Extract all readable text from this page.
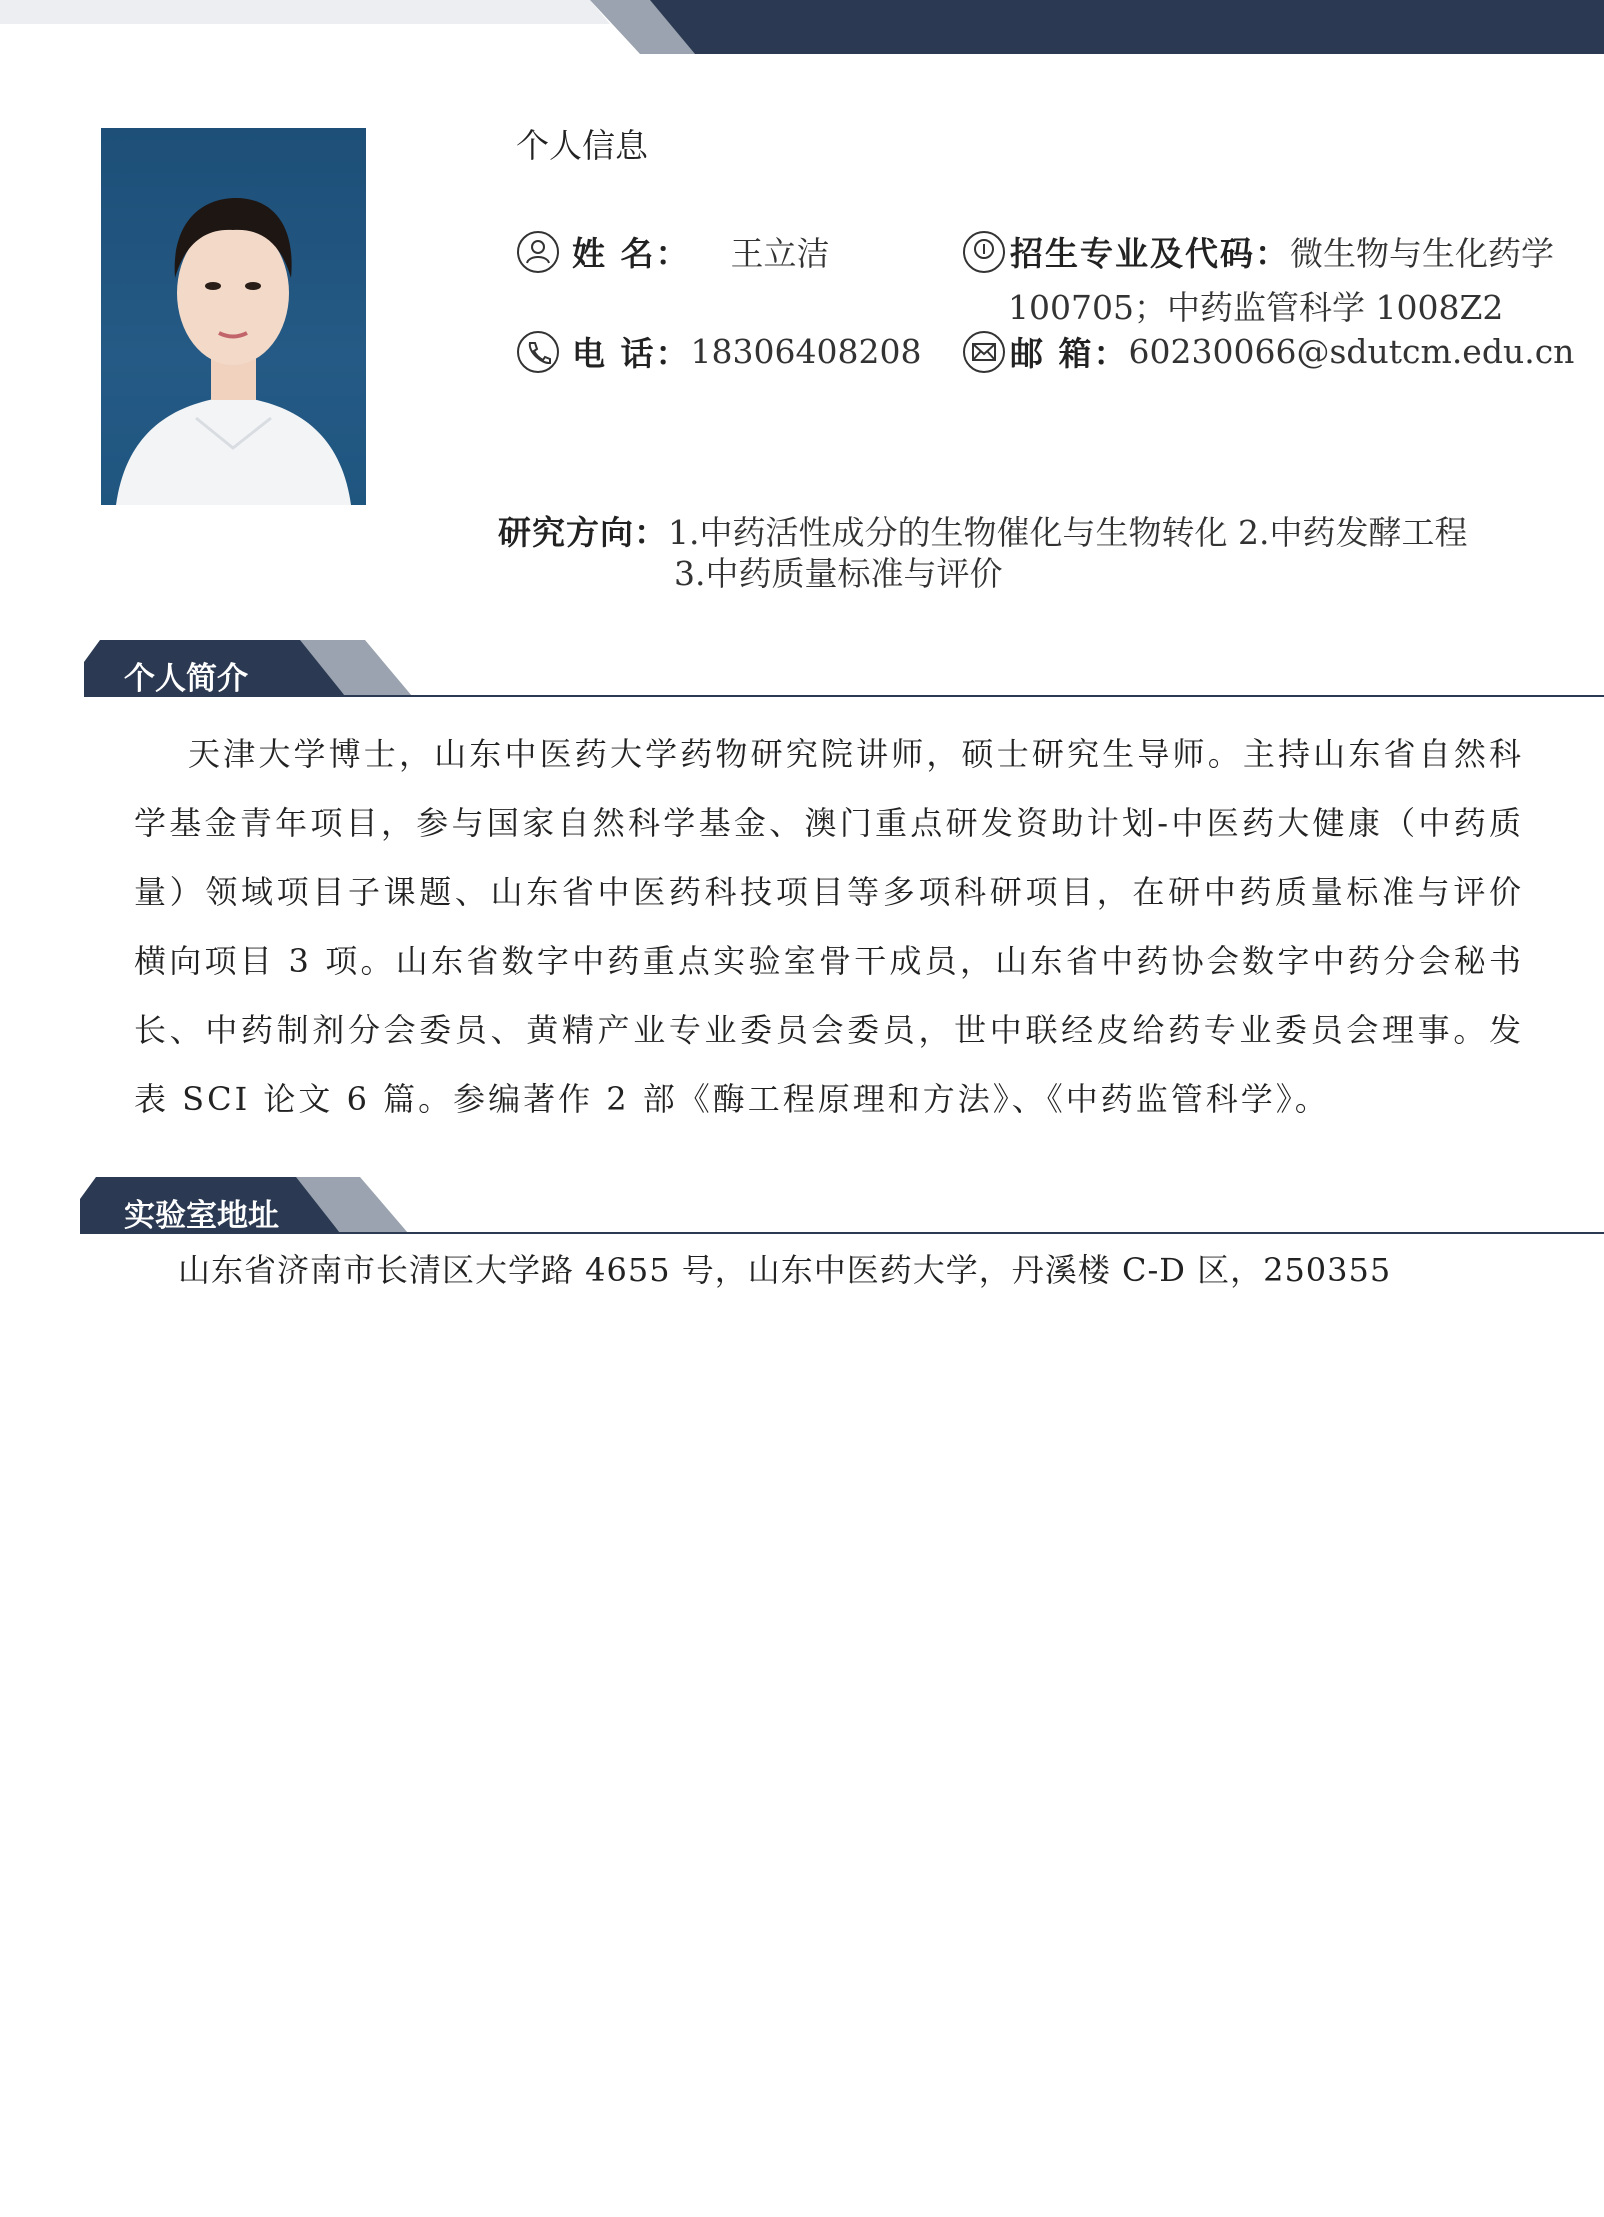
个人信息
姓 名： 王立洁	招生专业及代码： 微生物与生化药学
100705；中药监管科学 1008Z2
电 话： 18306408208	邮 箱： 60230066@sdutcm.edu.cn
研究方向：1.中药活性成分的生物催化与生物转化 2.中药发酵工程
3.中药质量标准与评价
个人简介
天津大学博士，山东中医药大学药物研究院讲师，硕士研究生导师。主持山东省自然科学基金青年项目，参与国家自然科学基金、澳门重点研发资助计划-中医药大健康（中药质量）领域项目子课题、山东省中医药科技项目等多项科研项目，在研中药质量标准与评价横向项目 3 项。山东省数字中药重点实验室骨干成员，山东省中药协会数字中药分会秘书长、中药制剂分会委员、黄精产业专业委员会委员，世中联经皮给药专业委员会理事。发表 SCI 论文 6 篇。参编著作 2 部《酶工程原理和方法》、《中药监管科学》。
实验室地址
山东省济南市长清区大学路 4655 号，山东中医药大学，丹溪楼 C-D 区，250355
